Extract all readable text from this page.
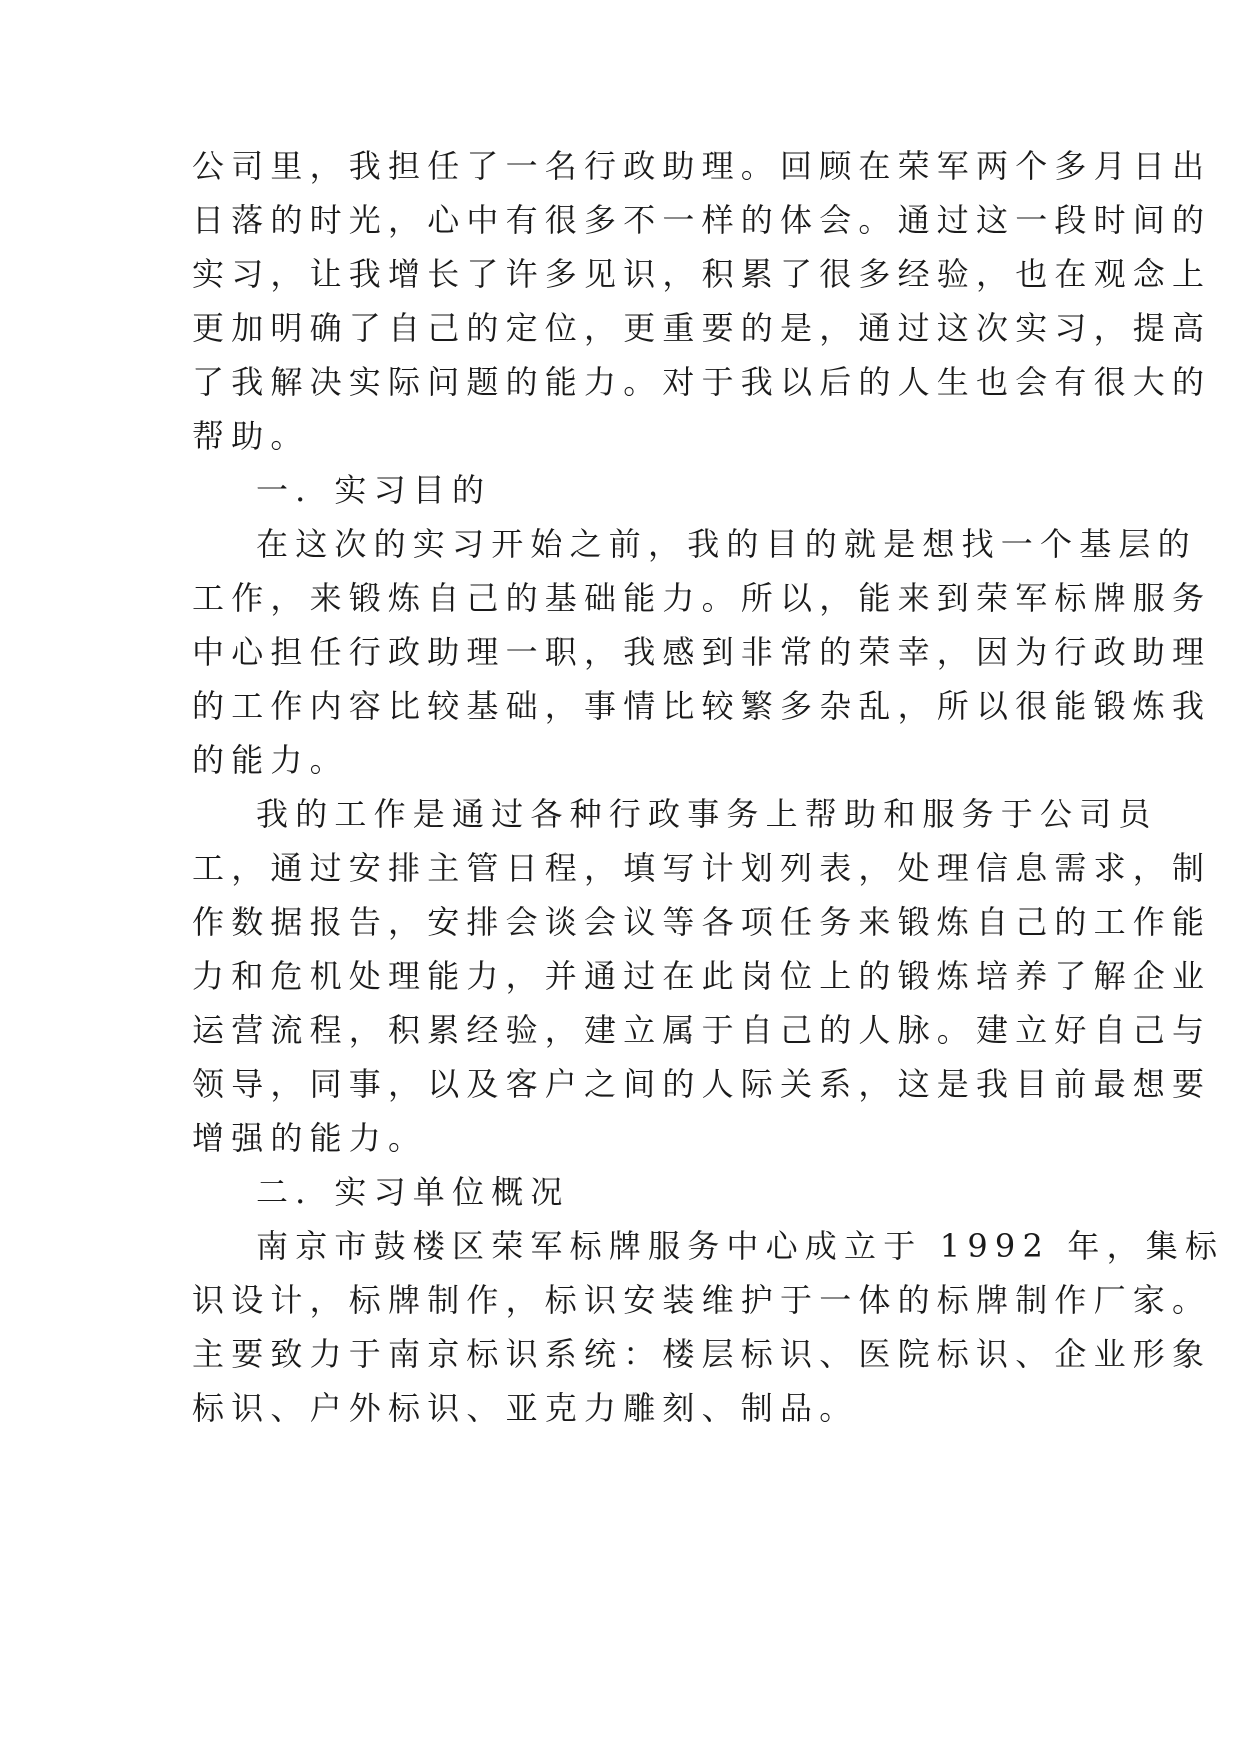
公司里，我担任了一名行政助理。回顾在荣军两个多月日出
日落的时光，心中有很多不一样的体会。通过这一段时间的
实习，让我增长了许多见识，积累了很多经验，也在观念上
更加明确了自己的定位，更重要的是，通过这次实习，提高
了我解决实际问题的能力。对于我以后的人生也会有很大的
帮助。
一．实习目的
在这次的实习开始之前，我的目的就是想找一个基层的
工作，来锻炼自己的基础能力。所以，能来到荣军标牌服务
中心担任行政助理一职，我感到非常的荣幸，因为行政助理
的工作内容比较基础，事情比较繁多杂乱，所以很能锻炼我
的能力。
我的工作是通过各种行政事务上帮助和服务于公司员
工，通过安排主管日程，填写计划列表，处理信息需求，制
作数据报告，安排会谈会议等各项任务来锻炼自己的工作能
力和危机处理能力，并通过在此岗位上的锻炼培养了解企业
运营流程，积累经验，建立属于自己的人脉。建立好自己与
领导，同事，以及客户之间的人际关系，这是我目前最想要
增强的能力。
二．实习单位概况
南京市鼓楼区荣军标牌服务中心成立于 1992 年，集标
识设计，标牌制作，标识安装维护于一体的标牌制作厂家。
主要致力于南京标识系统：楼层标识、医院标识、企业形象
标识、户外标识、亚克力雕刻、制品。
